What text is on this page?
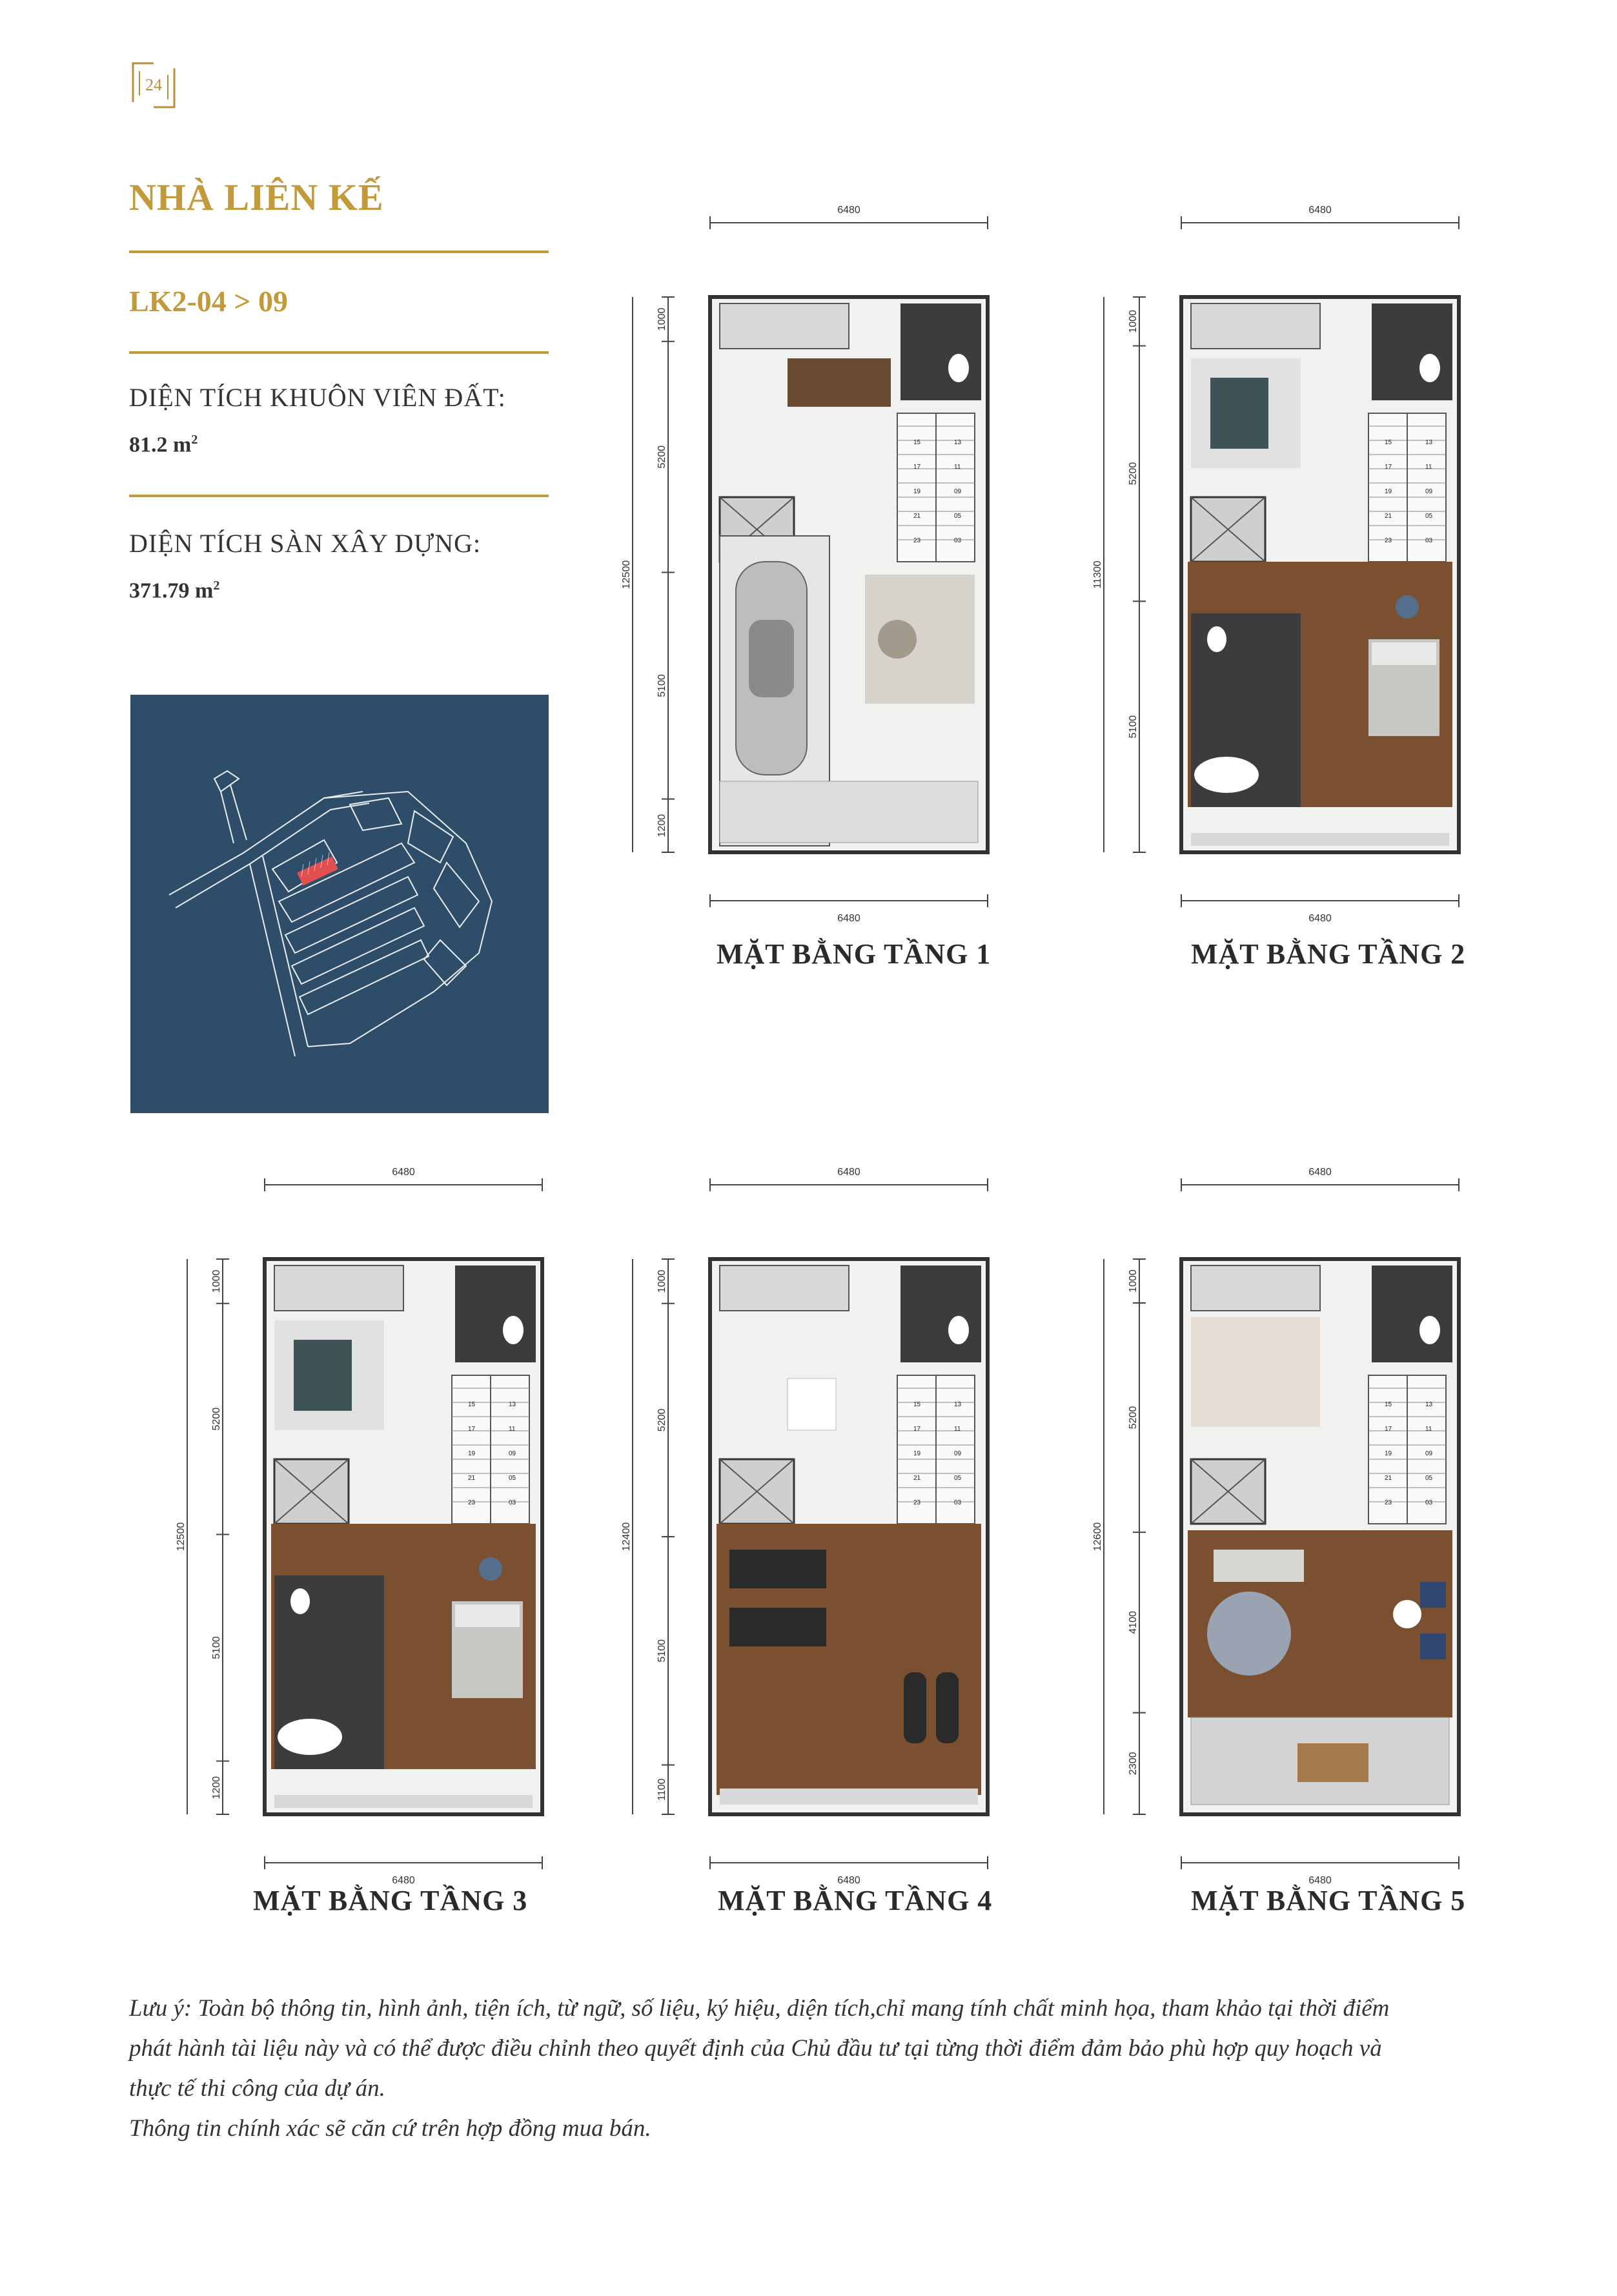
24
NHÀ LIÊN KẾ
LK2-04 > 09
DIỆN TÍCH KHUÔN VIÊN ĐẤT:
81.2 $m^2$
DIỆN TÍCH SÀN XÂY DỰNG:
371.79 $m^2$
6480
6480
12500
1000
5200
5100
1200
15	13
17	11
19	09
21	05
23	03
MẶT BẰNG TẦNG 1
6480
6480
11300
1000
5200
5100
15	13
17	11
19	09
21	05
23	03
MẶT BẰNG TẦNG 2
6480
6480
12500
1000
5200
5100
1200
15	13
17	11
19	09
21	05
23	03
MẶT BẰNG TẦNG 3
6480
6480
12400
1000
5200
5100
1100
15	13
17	11
19	09
21	05
23	03
MẶT BẰNG TẦNG 4
6480
6480
12600
1000
5200
4100
2300
15	13
17	11
19	09
21	05
23	03
MẶT BẰNG TẦNG 5

Lưu ý: Toàn bộ thông tin, hình ảnh, tiện ích, từ ngữ, số liệu, ký hiệu, diện tích,chỉ mang tính chất minh họa, tham khảo tại thời điểm

phát hành tài liệu này và có thể được điều chỉnh theo quyết định của Chủ đầu tư tại từng thời điểm đảm bảo phù hợp quy hoạch và

thực tế thi công của dự án.

Thông tin chính xác sẽ căn cứ trên hợp đồng mua bán.
